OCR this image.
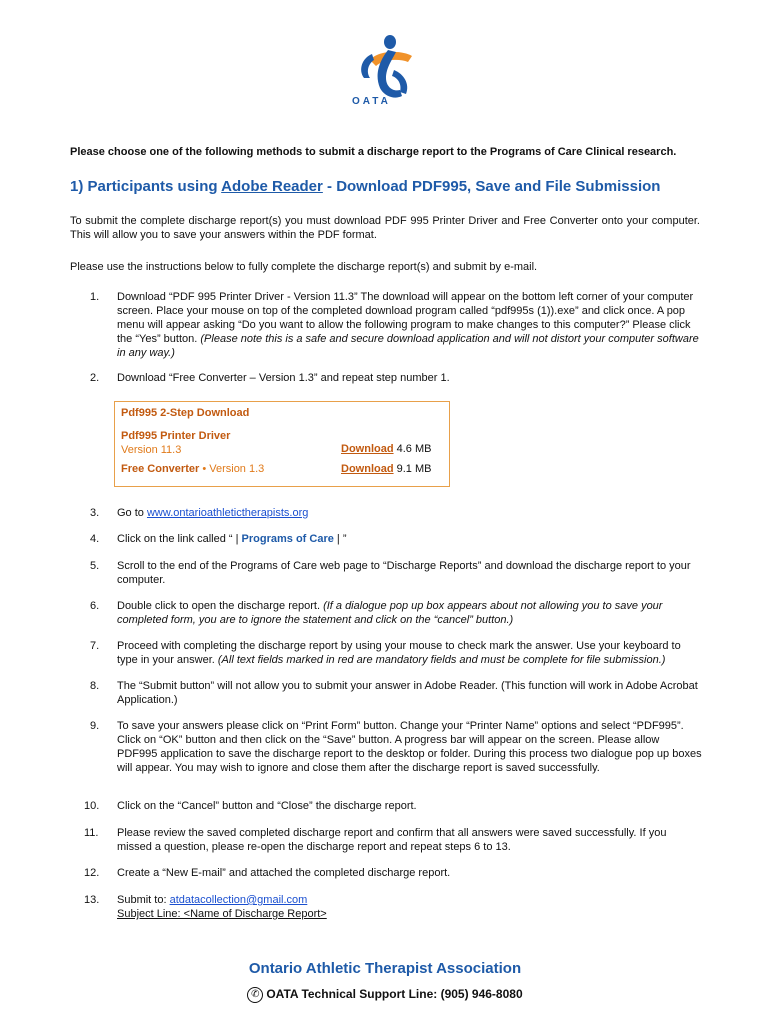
OATA
Please choose one of the following methods to submit a discharge report to the Programs of Care Clinical research.
1) Participants using Adobe Reader - Download PDF995, Save and File Submission
To submit the complete discharge report(s) you must download PDF 995 Printer Driver and Free Converter onto your computer. This will allow you to save your answers within the PDF format.
Please use the instructions below to fully complete the discharge report(s) and submit by e-mail.
1.	Download “PDF 995 Printer Driver - Version 11.3” The download will appear on the bottom left corner of your computer screen. Place your mouse on top of the completed download program called “pdf995s (1)).exe” and click once. A pop menu will appear asking “Do you want to allow the following program to make changes to this computer?” Please click the “Yes” button. (Please note this is a safe and secure download application and will not distort your computer software in any way.)
2.	Download “Free Converter – Version 1.3” and repeat step number 1.
3.	Go to www.ontarioathletictherapists.org
4.	Click on the link called “ | Programs of Care | ”
5.	Scroll to the end of the Programs of Care web page to “Discharge Reports” and download the discharge report to your computer.
6.	Double click to open the discharge report. (If a dialogue pop up box appears about not allowing you to save your completed form, you are to ignore the statement and click on the “cancel” button.)
7.	Proceed with completing the discharge report by using your mouse to check mark the answer. Use your keyboard to type in your answer. (All text fields marked in red are mandatory fields and must be complete for file submission.)
8.	The “Submit button” will not allow you to submit your answer in Adobe Reader. (This function will work in Adobe Acrobat Application.)
9.	To save your answers please click on “Print Form” button. Change your “Printer Name” options and select “PDF995”. Click on “OK” button and then click on the “Save” button. A progress bar will appear on the screen. Please allow PDF995 application to save the discharge report to the desktop or folder. During this process two dialogue pop up boxes will appear. You may wish to ignore and close them after the discharge report is saved successfully.
10.	Click on the “Cancel” button and “Close” the discharge report.
11.	Please review the saved completed discharge report and confirm that all answers were saved successfully. If you missed a question, please re-open the discharge report and repeat steps 6 to 13.
12.	Create a “New E-mail” and attached the completed discharge report.
13.	Submit to: atdatacollection@gmail.com
Subject Line: <Name of Discharge Report>
Pdf995 2-Step Download
Pdf995 Printer Driver
Version 11.3	Download 4.6 MB
Free Converter • Version 1.3	Download 9.1 MB
Ontario Athletic Therapist Association
✆ OATA Technical Support Line: (905) 946-8080
